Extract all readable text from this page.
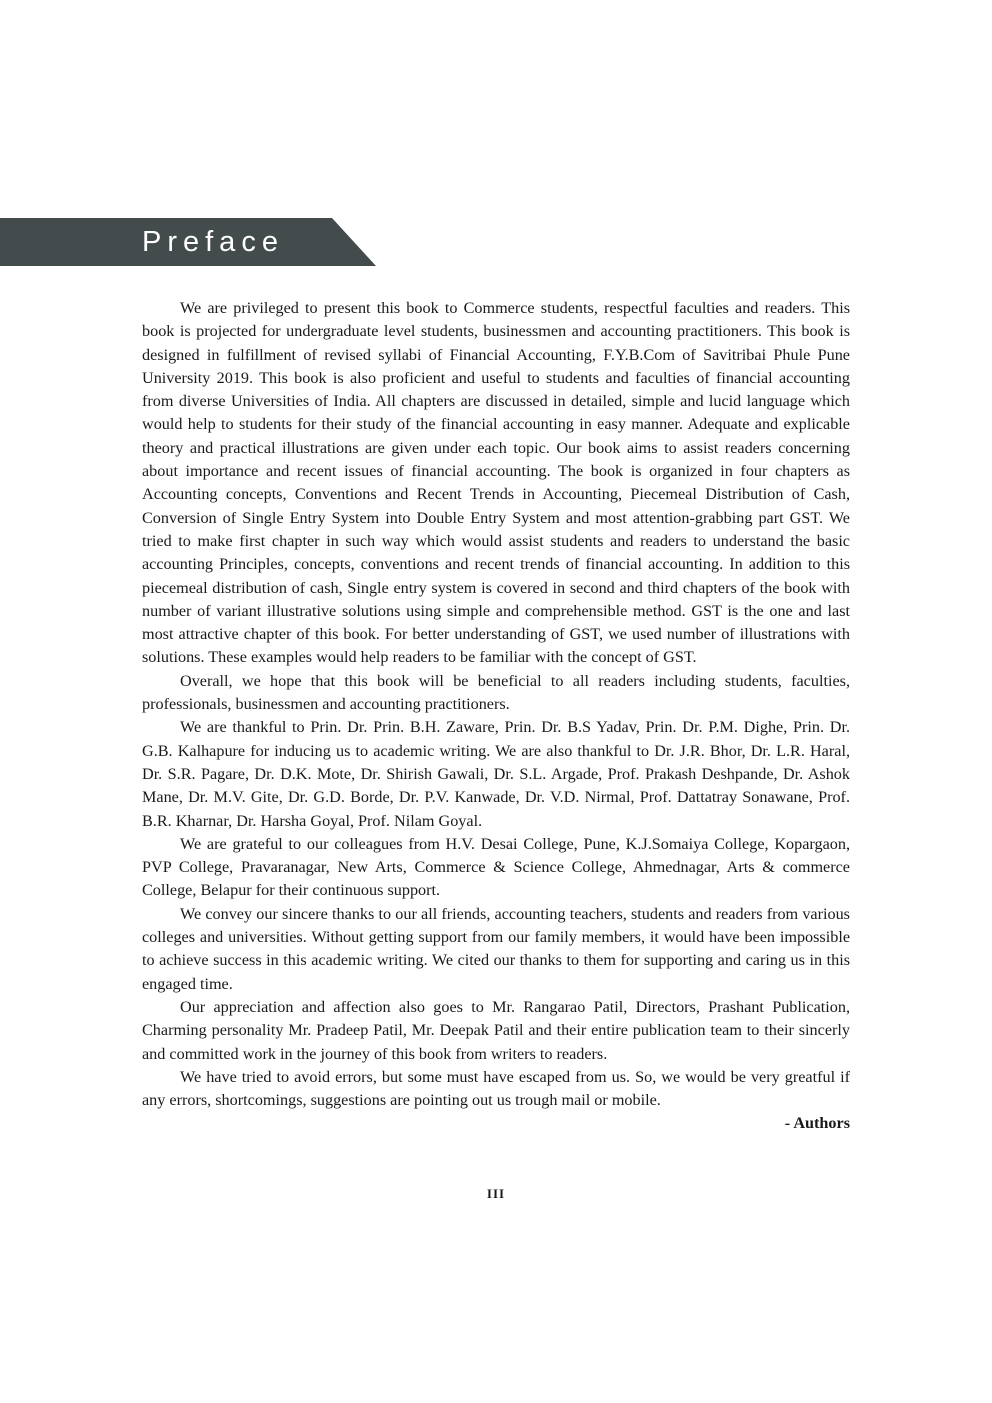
Preface

We are privileged to present this book to Commerce students, respectful faculties and readers. This book is projected for undergraduate level students, businessmen and accounting practitioners. This book is designed in fulfillment of revised syllabi of Financial Accounting, F.Y.B.Com of Savitribai Phule Pune University 2019. This book is also proficient and useful to students and faculties of financial accounting from diverse Universities of India. All chapters are discussed in detailed, simple and lucid language which would help to students for their study of the financial accounting in easy manner. Adequate and explicable theory and practical illustrations are given under each topic. Our book aims to assist readers concerning about importance and recent issues of financial accounting. The book is organized in four chapters as Accounting concepts, Conventions and Recent Trends in Accounting, Piecemeal Distribution of Cash, Conversion of Single Entry System into Double Entry System and most attention-grabbing part GST. We tried to make first chapter in such way which would assist students and readers to understand the basic accounting Principles, concepts, conventions and recent trends of financial accounting. In addition to this piecemeal distribution of cash, Single entry system is covered in second and third chapters of the book with number of variant illustrative solutions using simple and comprehensible method. GST is the one and last most attractive chapter of this book. For better understanding of GST, we used number of illustrations with solutions. These examples would help readers to be familiar with the concept of GST.

Overall, we hope that this book will be beneficial to all readers including students, faculties, professionals, businessmen and accounting practitioners.

We are thankful to Prin. Dr. Prin. B.H. Zaware, Prin. Dr. B.S Yadav, Prin. Dr. P.M. Dighe, Prin. Dr. G.B. Kalhapure for inducing us to academic writing. We are also thankful to Dr. J.R. Bhor, Dr. L.R. Haral, Dr. S.R. Pagare, Dr. D.K. Mote, Dr. Shirish Gawali, Dr. S.L. Argade, Prof. Prakash Deshpande, Dr. Ashok Mane, Dr. M.V. Gite, Dr. G.D. Borde, Dr. P.V. Kanwade, Dr. V.D. Nirmal, Prof. Dattatray Sonawane, Prof. B.R. Kharnar, Dr. Harsha Goyal, Prof. Nilam Goyal.

We are grateful to our colleagues from H.V. Desai College, Pune, K.J.Somaiya College, Kopargaon, PVP College, Pravaranagar, New Arts, Commerce & Science College, Ahmednagar, Arts & commerce College, Belapur for their continuous support.

We convey our sincere thanks to our all friends, accounting teachers, students and readers from various colleges and universities. Without getting support from our family members, it would have been impossible to achieve success in this academic writing. We cited our thanks to them for supporting and caring us in this engaged time.

Our appreciation and affection also goes to Mr. Rangarao Patil, Directors, Prashant Publication, Charming personality Mr. Pradeep Patil, Mr. Deepak Patil and their entire publication team to their sincerly and committed work in the journey of this book from writers to readers.

We have tried to avoid errors, but some must have escaped from us. So, we would be very greatful if any errors, shortcomings, suggestions are pointing out us trough mail or mobile.

- Authors

III
